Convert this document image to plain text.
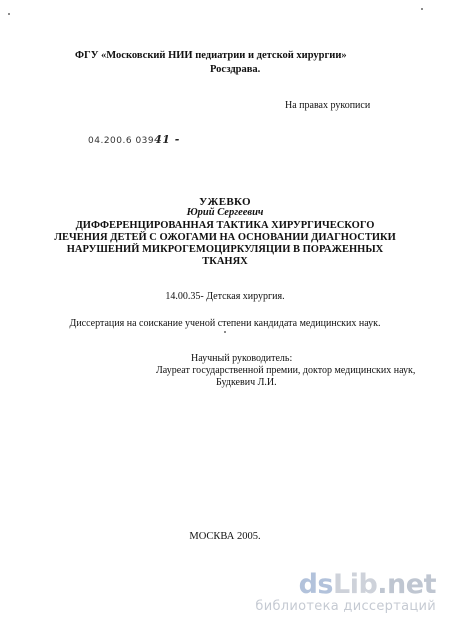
ФГУ «Московский НИИ педиатрии и детской хирургии»
Росздрава.
На правах рукописи
04.200.6 03941 -
УЖЕВКО
Юрий Сергеевич
ДИФФЕРЕНЦИРОВАННАЯ ТАКТИКА ХИРУРГИЧЕСКОГО
ЛЕЧЕНИЯ ДЕТЕЙ С ОЖОГАМИ НА ОСНОВАНИИ ДИАГНОСТИКИ
НАРУШЕНИЙ МИКРОГЕМОЦИРКУЛЯЦИИ В ПОРАЖЕННЫХ
ТКАНЯХ
14.00.35- Детская хирургия.
Диссертация на соискание ученой степени кандидата медицинских наук.
Научный руководитель:
Лауреат государственной премии, доктор медицинских наук,
Будкевич Л.И.
МОСКВА 2005.
dsLib.net
библиотека диссертаций
